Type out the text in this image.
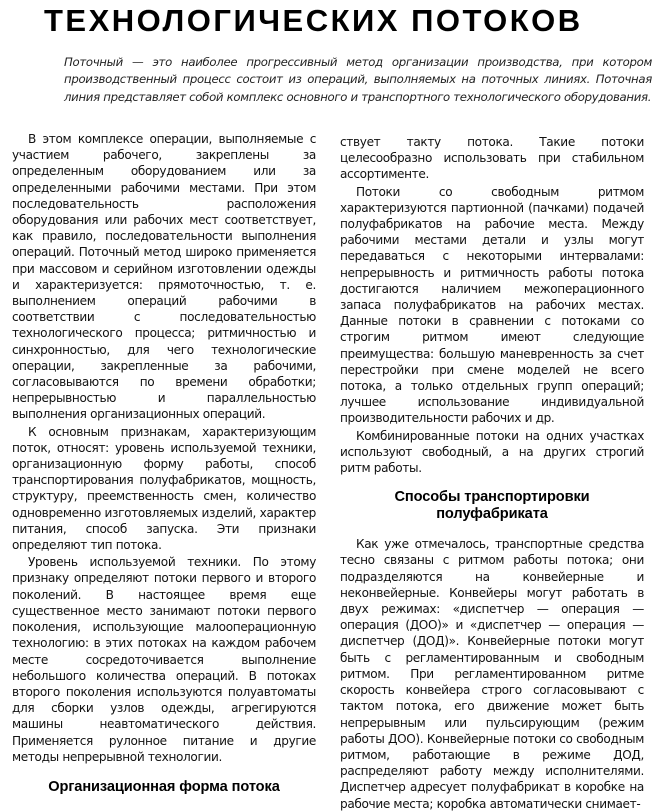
ТЕХНОЛОГИЧЕСКИХ ПОТОКОВ
Поточный — это наиболее прогрессивный метод организации производства, при котором производственный процесс состоит из операций, выполняемых на поточных линиях. Поточная линия представляет собой комплекс основного и транспортного технологического оборудования.

В этом комплексе операции, выполняемые с участием рабочего, закреплены за определенным оборудованием или за определенными рабочими местами. При этом последовательность расположения оборудования или рабочих мест соответствует, как правило, последовательности выполнения операций. Поточный метод широко применяется при массовом и серийном изготовлении одежды и характеризуется: прямоточностью, т. е. выполнением операций рабочими в соответствии с последовательностью технологического процесса; ритмичностью и синхронностью, для чего технологические операции, закрепленные за рабочими, согласовываются по времени обработки; непрерывностью и параллельностью выполнения организационных операций.

К основным признакам, характеризующим поток, относят: уровень используемой техники, организационную форму работы, способ транспортирования полуфабрикатов, мощность, структуру, преемственность смен, количество одновременно изготовляемых изделий, характер питания, способ запуска. Эти признаки определяют тип потока.

Уровень используемой техники. По этому признаку определяют потоки первого и второго поколений. В настоящее время еще существенное место занимают потоки первого поколения, использующие малооперационную технологию: в этих потоках на каждом рабочем месте сосредоточивается выполнение небольшого количества операций. В потоках второго поколения используются полуавтоматы для сборки узлов одежды, агрегируются машины неавтоматического действия. Применяется рулонное питание и другие методы непрерывной технологии.

Организационная форма потока

ствует такту потока. Такие потоки целесообразно использовать при стабильном ассортименте.

Потоки со свободным ритмом характеризуются партионной (пачками) подачей полуфабрикатов на рабочие места. Между рабочими местами детали и узлы могут передаваться с некоторыми интервалами: непрерывность и ритмичность работы потока достигаются наличием межоперационного запаса полуфабрикатов на рабочих местах. Данные потоки в сравнении с потоками со строгим ритмом имеют следующие преимущества: большую маневренность за счет перестройки при смене моделей не всего потока, а только отдельных групп операций; лучшее использование индивидуальной производительности рабочих и др.

Комбинированные потоки на одних участках используют свободный, а на других строгий ритм работы.

Способы транспортировки полуфабриката

Как уже отмечалось, транспортные средства тесно связаны с ритмом работы потока; они подразделяются на конвейерные и неконвейерные. Конвейеры могут работать в двух режимах: «диспетчер — операция — операция (ДОО)» и «диспетчер — операция — диспетчер (ДОД)». Конвейерные потоки могут быть с регламентированным и свободным ритмом. При регламентированном ритме скорость конвейера строго согласовывают с тактом потока, его движение может быть непрерывным или пульсирующим (режим работы ДОО). Конвейерные потоки со свободным ритмом, работающие в режиме ДОД, распределяют работу между исполнителями. Диспетчер адресует полуфабрикат в коробке на рабочие места; коробка автоматически снимает-
